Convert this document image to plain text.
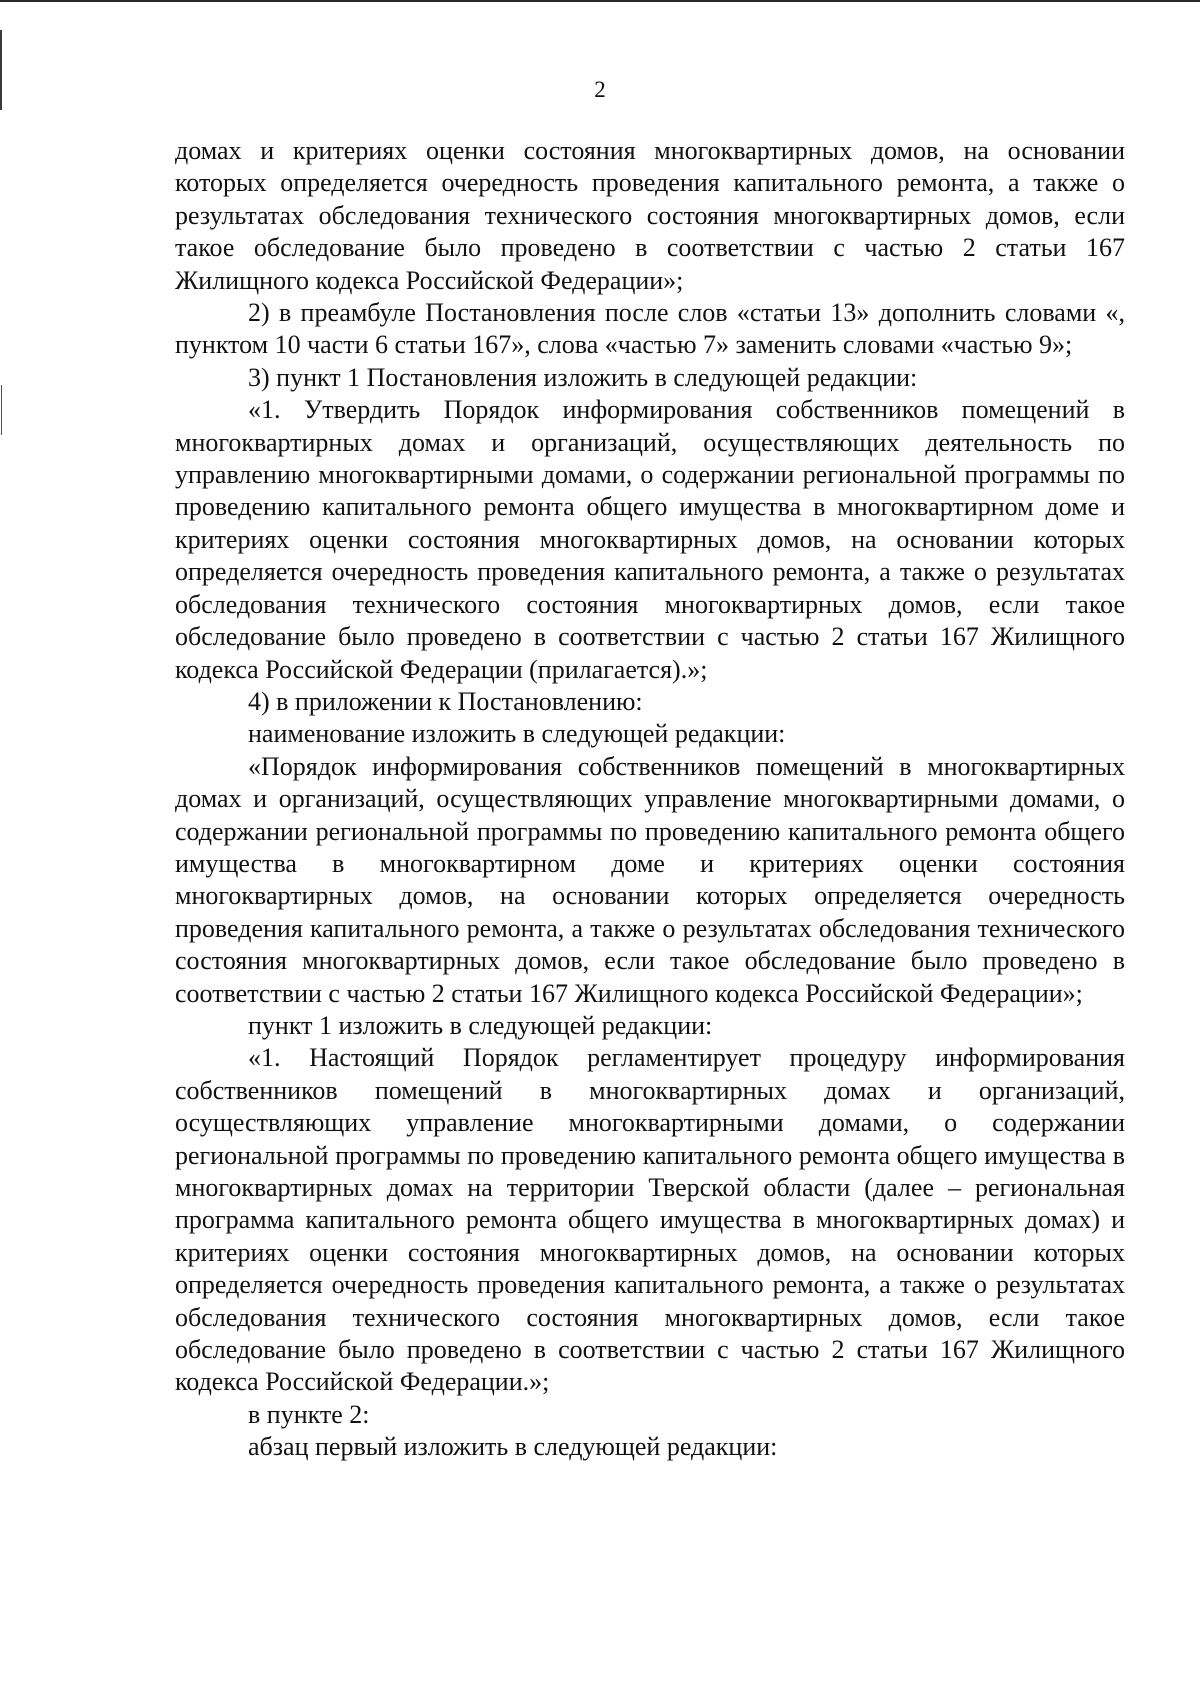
2

домах и критериях оценки состояния многоквартирных домов, на основании которых определяется очередность проведения капитального ремонта, а также о результатах обследования технического состояния многоквартирных домов, если такое обследование было проведено в соответствии с частью 2 статьи 167 Жилищного кодекса Российской Федерации»;

2) в преамбуле Постановления после слов «статьи 13» дополнить словами «, пунктом 10 части 6 статьи 167», слова «частью 7» заменить словами «частью 9»;

3) пункт 1 Постановления изложить в следующей редакции:

«1. Утвердить Порядок информирования собственников помещений в многоквартирных домах и организаций, осуществляющих деятельность по управлению многоквартирными домами, о содержании региональной программы по проведению капитального ремонта общего имущества в многоквартирном доме и критериях оценки состояния многоквартирных домов, на основании которых определяется очередность проведения капитального ремонта, а также о результатах обследования технического состояния многоквартирных домов, если такое обследование было проведено в соответствии с частью 2 статьи 167 Жилищного кодекса Российской Федерации (прилагается).»;

4) в приложении к Постановлению:

наименование изложить в следующей редакции:

«Порядок информирования собственников помещений в многоквартирных домах и организаций, осуществляющих управление многоквартирными домами, о содержании региональной программы по проведению капитального ремонта общего имущества в многоквартирном доме и критериях оценки состояния многоквартирных домов, на основании которых определяется очередность проведения капитального ремонта, а также о результатах обследования технического состояния многоквартирных домов, если такое обследование было проведено в соответствии с частью 2 статьи 167 Жилищного кодекса Российской Федерации»;

пункт 1 изложить в следующей редакции:

«1. Настоящий Порядок регламентирует процедуру информирования собственников помещений в многоквартирных домах и организаций, осуществляющих управление многоквартирными домами, о содержании региональной программы по проведению капитального ремонта общего имущества в многоквартирных домах на территории Тверской области (далее – региональная программа капитального ремонта общего имущества в многоквартирных домах) и критериях оценки состояния многоквартирных домов, на основании которых определяется очередность проведения капитального ремонта, а также о результатах обследования технического состояния многоквартирных домов, если такое обследование было проведено в соответствии с частью 2 статьи 167 Жилищного кодекса Российской Федерации.»;

в пункте 2:

абзац первый изложить в следующей редакции:
